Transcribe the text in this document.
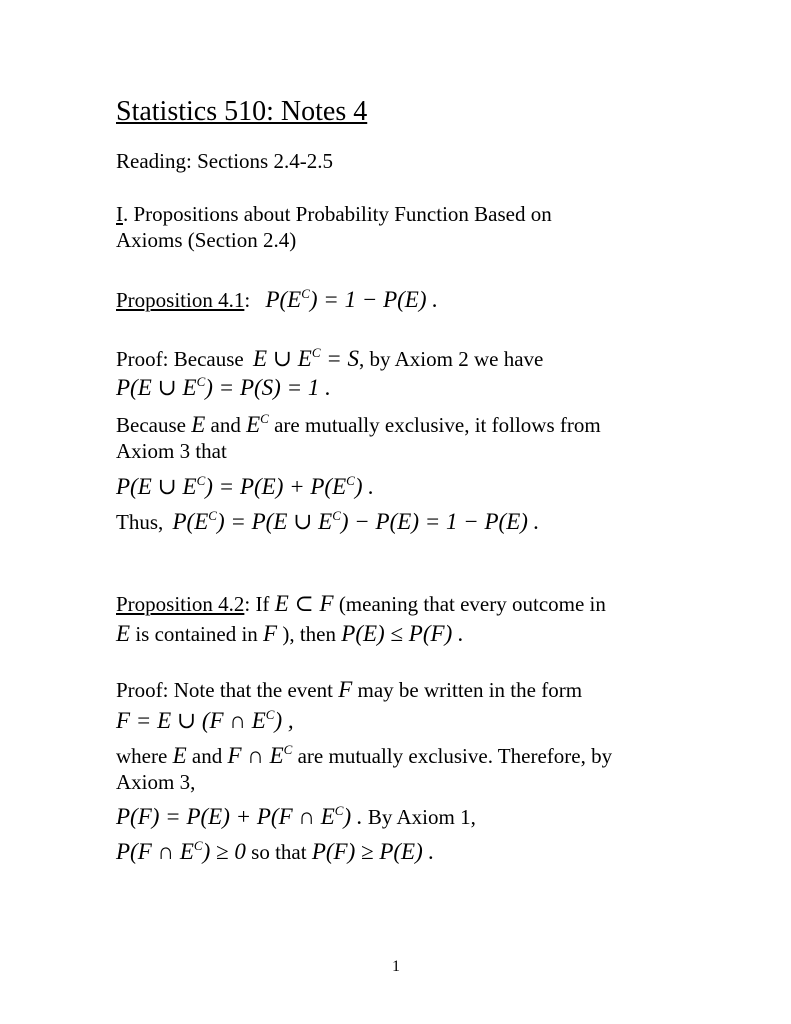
Statistics 510: Notes 4
Reading: Sections 2.4-2.5
I. Propositions about Probability Function Based on
Axioms (Section 2.4)
Proposition 4.1: $P(E^C) = 1 - P(E)$ .
Proof: Because E ∪ $E^C = S$, by Axiom 2 we have
P(E ∪ $E^C) = P(S) = 1$ .
Because E and $E^C$ are mutually exclusive, it follows from
Axiom 3 that
P(E ∪ $E^C) = P(E) + P(E^C)$ .
Thus, $P(E^C) = P(E$ ∪ $E^C) - P(E) = 1 - P(E)$ .
Proposition 4.2: If E ⊂ F (meaning that every outcome in
E is contained in F ), then P(E) ≤ P(F) .
Proof: Note that the event F may be written in the form
F = E ∪ (F ∩ $E^C$) ,
where E and F ∩ $E^C$ are mutually exclusive. Therefore, by
Axiom 3,
P(F) = P(E) + P(F ∩ $E^C$) . By Axiom 1,
P(F ∩ $E^C) \ge 0$ so that P(F) ≥ P(E) .
1
